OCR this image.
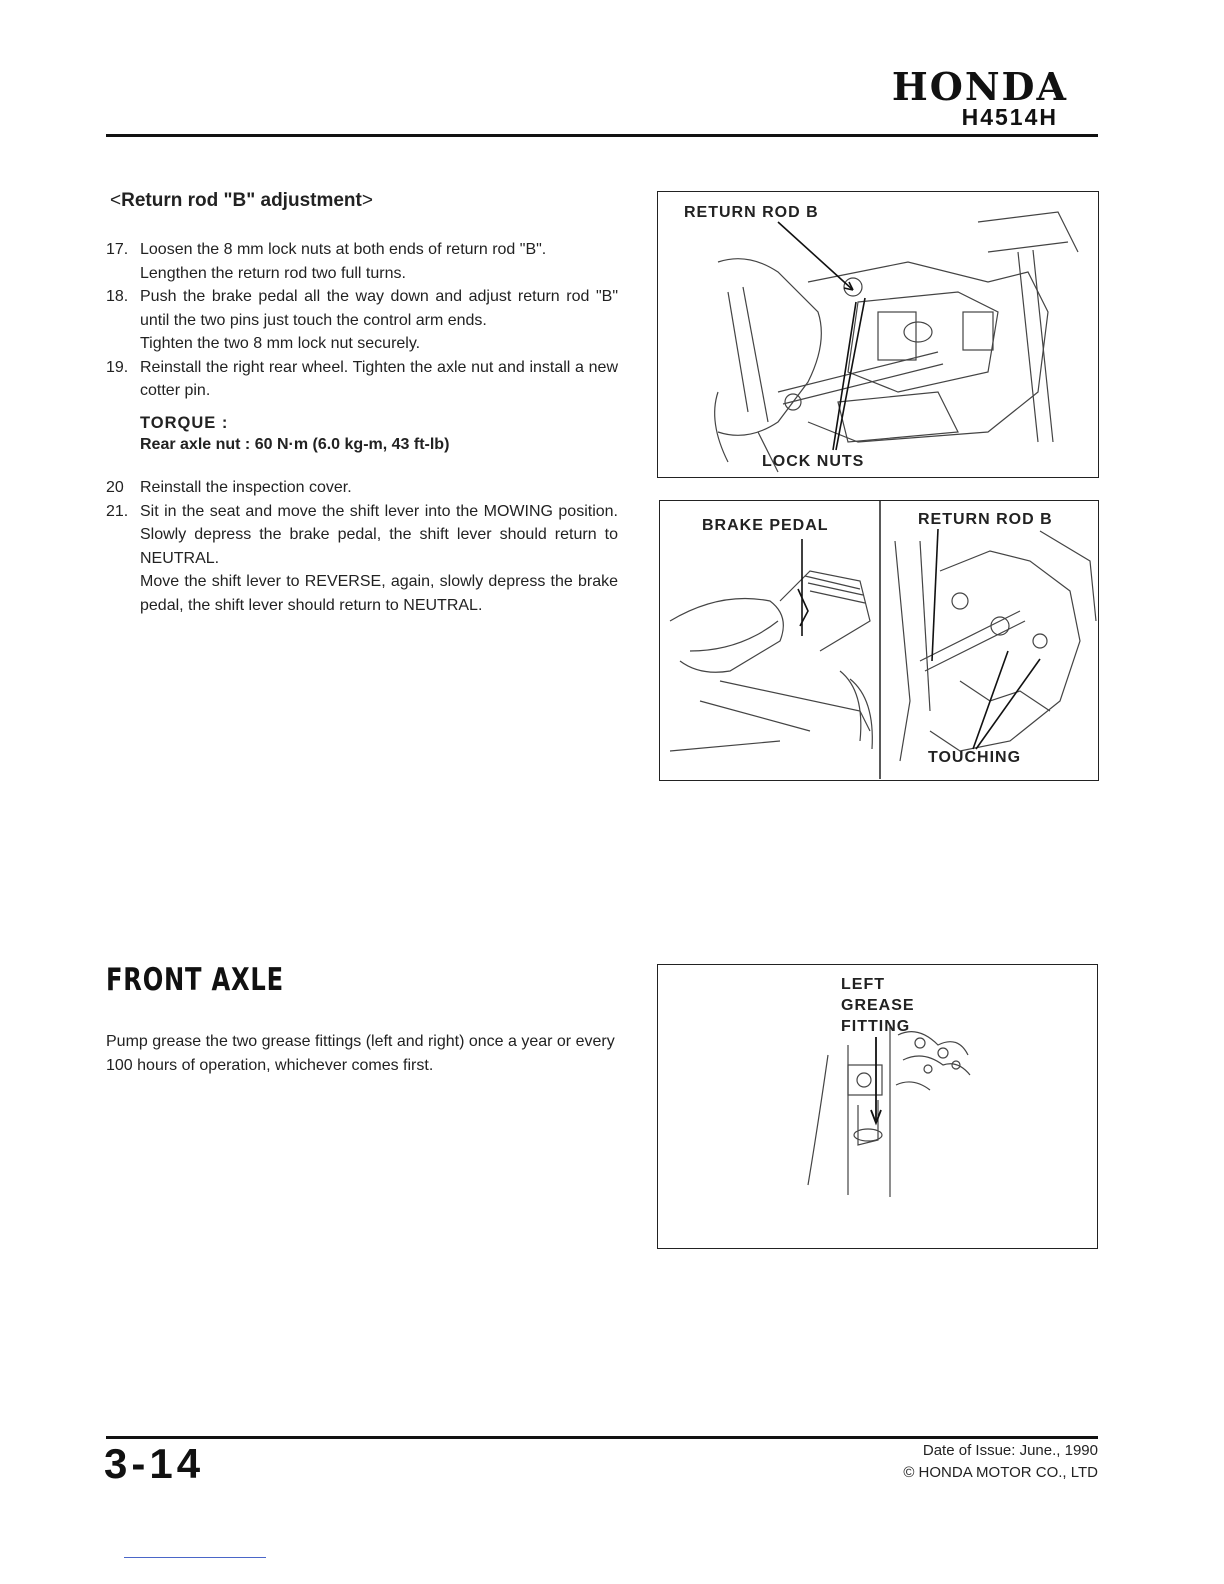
HONDA
H4514H
<Return rod "B" adjustment>
17. Loosen the 8 mm lock nuts at both ends of return rod "B".

Lengthen the return rod two full turns.

18. Push the brake pedal all the way down and adjust return rod "B" until the two pins just touch the control arm ends.

Tighten the two 8 mm lock nut securely.

19. Reinstall the right rear wheel. Tighten the axle nut and install a new cotter pin.

TORQUE :
Rear axle nut : 60 N·m (6.0 kg-m, 43 ft-lb)
20	Reinstall the inspection cover.

21. Sit in the seat and move the shift lever into the MOWING position. Slowly depress the brake pedal, the shift lever should return to NEUTRAL.

Move the shift lever to REVERSE, again, slowly depress the brake pedal, the shift lever should return to NEUTRAL.

RETURN ROD B
LOCK NUTS
BRAKE PEDAL	RETURN ROD B
TOUCHING
FRONT AXLE
Pump grease the two grease fittings (left and right) once a year or every 100 hours of operation, whichever comes first.
LEFT
GREASE
FITTING
3-14	Date of Issue: June., 1990
© HONDA MOTOR CO., LTD
